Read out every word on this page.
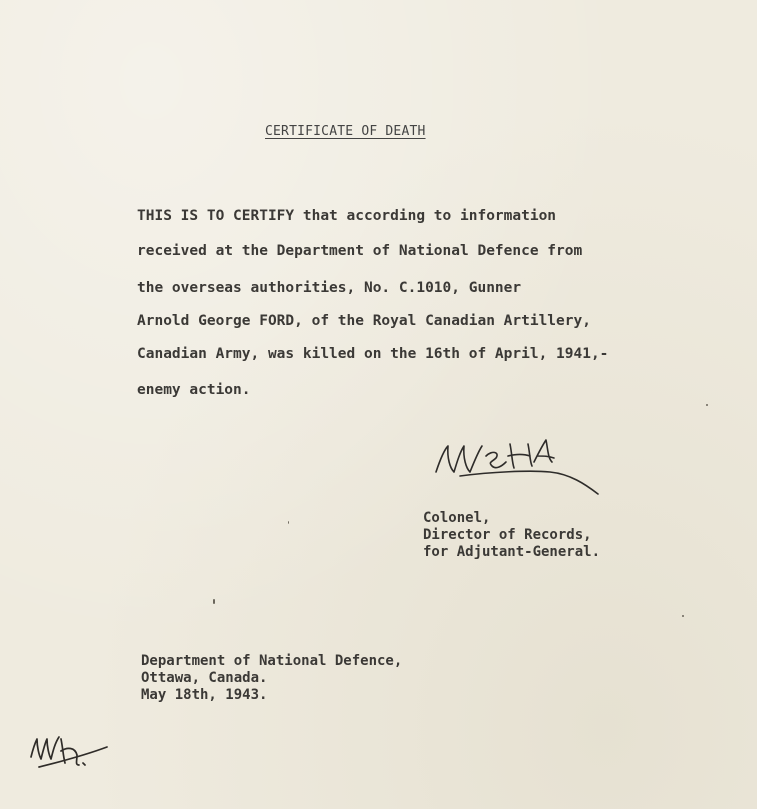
CERTIFICATE OF DEATH
THIS IS TO CERTIFY that according to information
received at the Department of National Defence from
the overseas authorities, No. C.1010, Gunner
Arnold George FORD, of the Royal Canadian Artillery,
Canadian Army, was killed on the 16th of April, 1941,-
enemy action.
Colonel,
Director of Records,
for Adjutant-General.
Department of National Defence,
Ottawa, Canada.
May 18th, 1943.
